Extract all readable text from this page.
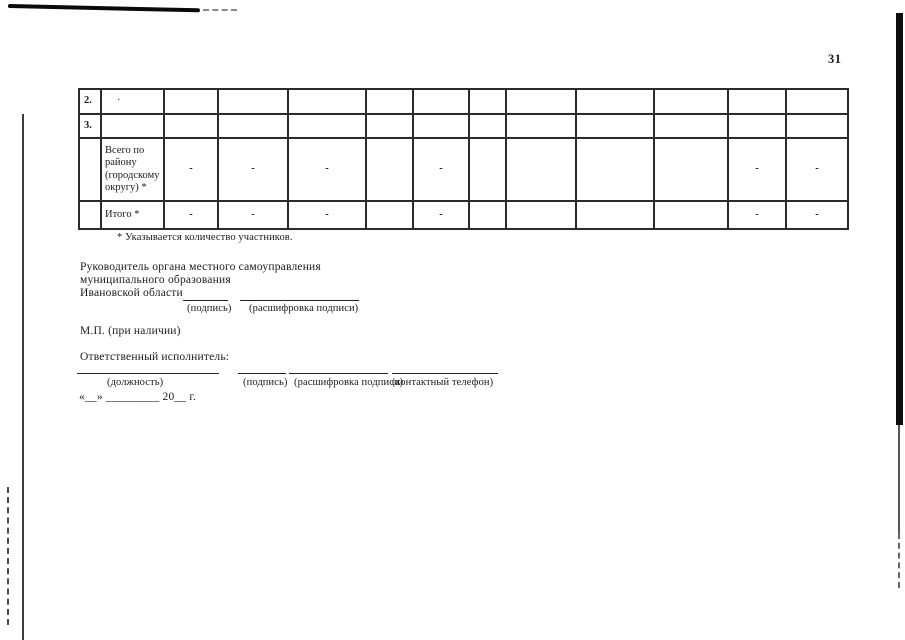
31
2.	·											
3.												
	Всего по району (городскому округу) *	-	-	-		-					-	-
	Итого *	-	-	-		-					-	-
* Указывается количество участников.
Руководитель органа местного самоуправления
муниципального образования
Ивановской области
(подпись) (расшифровка подписи)
М.П. (при наличии)
Ответственный исполнитель:
(должность)	(подпись) (расшифровка подписи)
(контактный телефон)
«__» _________ 20__ г.
